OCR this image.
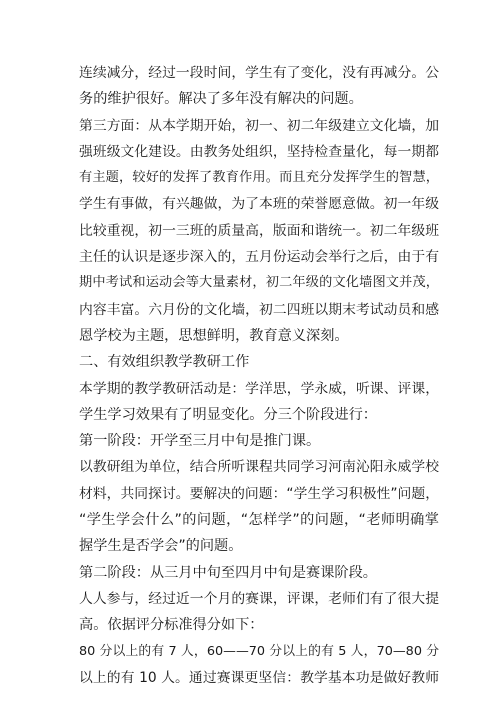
连续减分，经过一段时间，学生有了变化，没有再减分。公
务的维护很好。解决了多年没有解决的问题。
第三方面：从本学期开始，初一、初二年级建立文化墙，加
强班级文化建设。由教务处组织，坚持检查量化，每一期都
有主题，较好的发挥了教育作用。而且充分发挥学生的智慧，
学生有事做，有兴趣做，为了本班的荣誉愿意做。初一年级
比较重视，初一三班的质量高，版面和谐统一。初二年级班
主任的认识是逐步深入的，五月份运动会举行之后，由于有
期中考试和运动会等大量素材，初二年级的文化墙图文并茂，
内容丰富。六月份的文化墙，初二四班以期末考试动员和感
恩学校为主题，思想鲜明，教育意义深刻。
二、有效组织教学教研工作
本学期的教学教研活动是：学洋思，学永威，听课、评课，
学生学习效果有了明显变化。分三个阶段进行：
第一阶段：开学至三月中旬是推门课。
以教研组为单位，结合所听课程共同学习河南沁阳永威学校
材料，共同探讨。要解决的问题：“学生学习积极性”问题，
“学生学会什么”的问题，“怎样学”的问题，“老师明确掌
握学生是否学会”的问题。
第二阶段：从三月中旬至四月中旬是赛课阶段。
人人参与，经过近一个月的赛课，评课，老师们有了很大提
高。依据评分标准得分如下：
80 分以上的有 7 人，60——70 分以上的有 5 人，70—80 分
以上的有 10 人。通过赛课更坚信：教学基本功是做好教师
